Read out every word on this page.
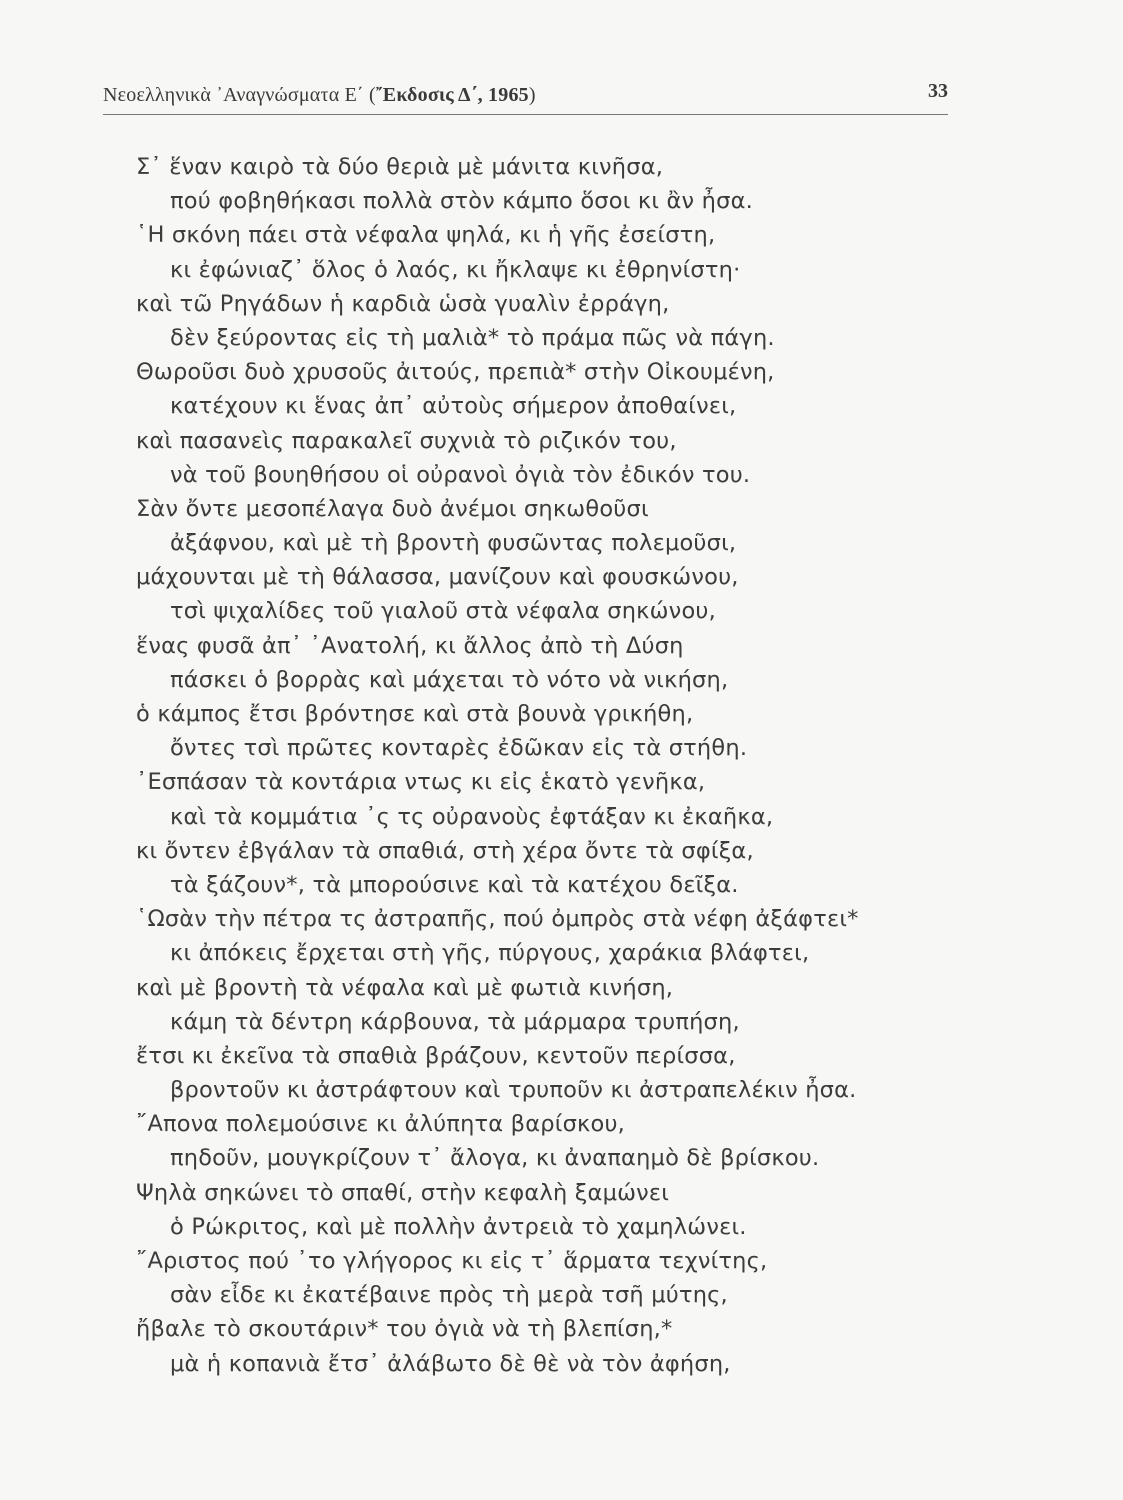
Νεοελληνικὰ ᾿Αναγνώσματα Ε΄ (῎Εκδοσις Δ΄, 1965)	33
Σ᾿ ἕναν καιρὸ τὰ δύο θεριὰ μὲ μάνιτα κινῆσα,
πού φοβηθήκασι πολλὰ στὸν κάμπο ὅσοι κι ἂν ἦσα.
῾Η σκόνη πάει στὰ νέφαλα ψηλά, κι ἡ γῆς ἐσείστη,
κι ἐφώνιαζ᾿ ὅλος ὁ λαός, κι ἤκλαψε κι ἐθρηνίστη·
καὶ τῶ Ρηγάδων ἡ καρδιὰ ὡσὰ γυαλὶν ἐρράγη,
δὲν ξεύροντας εἰς τὴ μαλιὰ* τὸ πράμα πῶς νὰ πάγη.
Θωροῦσι δυὸ χρυσοῦς ἀιτούς, πρεπιὰ* στὴν Οἰκουμένη,
κατέχουν κι ἕνας ἀπ᾿ αὐτοὺς σήμερον ἀποθαίνει,
καὶ πασανεὶς παρακαλεῖ συχνιὰ τὸ ριζικόν του,
νὰ τοῦ βουηθήσου οἱ οὐρανοὶ ὀγιὰ τὸν ἐδικόν του.
Σὰν ὄντε μεσοπέλαγα δυὸ ἀνέμοι σηκωθοῦσι
ἀξάφνου, καὶ μὲ τὴ βροντὴ φυσῶντας πολεμοῦσι,
μάχουνται μὲ τὴ θάλασσα, μανίζουν καὶ φουσκώνου,
τσὶ ψιχαλίδες τοῦ γιαλοῦ στὰ νέφαλα σηκώνου,
ἕνας φυσᾶ ἀπ᾿ ᾿Ανατολή, κι ἄλλος ἀπὸ τὴ Δύση
πάσκει ὁ βορρὰς καὶ μάχεται τὸ νότο νὰ νικήση,
ὁ κάμπος ἔτσι βρόντησε καὶ στὰ βουνὰ γρικήθη,
ὄντες τσὶ πρῶτες κονταρὲς ἐδῶκαν εἰς τὰ στήθη.
᾿Εσπάσαν τὰ κοντάρια ντως κι εἰς ἑκατὸ γενῆκα,
καὶ τὰ κομμάτια ᾿ς τς οὐρανοὺς ἐφτάξαν κι ἐκαῆκα,
κι ὄντεν ἐβγάλαν τὰ σπαθιά, στὴ χέρα ὄντε τὰ σφίξα,
τὰ ξάζουν*, τὰ μπορούσινε καὶ τὰ κατέχου δεῖξα.
῾Ωσὰν τὴν πέτρα τς ἀστραπῆς, πού ὀμπρὸς στὰ νέφη ἀξάφτει*
κι ἀπόκεις ἔρχεται στὴ γῆς, πύργους, χαράκια βλάφτει,
καὶ μὲ βροντὴ τὰ νέφαλα καὶ μὲ φωτιὰ κινήση,
κάμη τὰ δέντρη κάρβουνα, τὰ μάρμαρα τρυπήση,
ἔτσι κι ἐκεῖνα τὰ σπαθιὰ βράζουν, κεντοῦν περίσσα,
βροντοῦν κι ἀστράφτουν καὶ τρυποῦν κι ἀστραπελέκιν ἦσα.
῎Απονα πολεμούσινε κι ἀλύπητα βαρίσκου,
πηδοῦν, μουγκρίζουν τ᾿ ἄλογα, κι ἀναπαημὸ δὲ βρίσκου.
Ψηλὰ σηκώνει τὸ σπαθί, στὴν κεφαλὴ ξαμώνει
ὁ Ρώκριτος, καὶ μὲ πολλὴν ἀντρειὰ τὸ χαμηλώνει.
῎Αριστος πού ᾿το γλήγορος κι εἰς τ᾿ ἅρματα τεχνίτης,
σὰν εἶδε κι ἐκατέβαινε πρὸς τὴ μερὰ τσῆ μύτης,
ἤβαλε τὸ σκουτάριν* του ὀγιὰ νὰ τὴ βλεπίση,*
μὰ ἡ κοπανιὰ ἔτσ᾿ ἀλάβωτο δὲ θὲ νὰ τὸν ἀφήση,
